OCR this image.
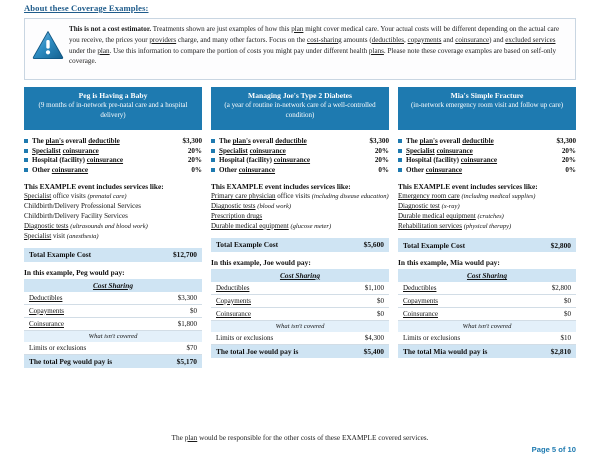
About these Coverage Examples:
This is not a cost estimator. Treatments shown are just examples of how this plan might cover medical care. Your actual costs will be different depending on the actual care you receive, the prices your providers charge, and many other factors. Focus on the cost-sharing amounts (deductibles, copayments and coinsurance) and excluded services under the plan. Use this information to compare the portion of costs you might pay under different health plans. Please note these coverage examples are based on self-only coverage.
Peg is Having a Baby
(9 months of in-network pre-natal care and a hospital delivery)
The plan's overall deductible	$3,300
Specialist coinsurance	20%
Hospital (facility) coinsurance	20%
Other coinsurance	0%
This EXAMPLE event includes services like:
Specialist office visits (prenatal care)
Childbirth/Delivery Professional Services
Childbirth/Delivery Facility Services
Diagnostic tests (ultrasounds and blood work)
Specialist visit (anesthesia)
Total Example Cost	$12,700
In this example, Peg would pay:
Cost Sharing	
Deductibles	$3,300
Copayments	$0
Coinsurance	$1,800
What isn't covered	
Limits or exclusions	$70
The total Peg would pay is	$5,170
Managing Joe's Type 2 Diabetes
(a year of routine in-network care of a well-controlled condition)
The plan's overall deductible	$3,300
Specialist coinsurance	20%
Hospital (facility) coinsurance	20%
Other coinsurance	0%
This EXAMPLE event includes services like:
Primary care physician office visits (including disease education)
Diagnostic tests (blood work)
Prescription drugs
Durable medical equipment (glucose meter)
Total Example Cost	$5,600
In this example, Joe would pay:
Cost Sharing	
Deductibles	$1,100
Copayments	$0
Coinsurance	$0
What isn't covered	
Limits or exclusions	$4,300
The total Joe would pay is	$5,400
Mia's Simple Fracture
(in-network emergency room visit and follow up care)
The plan's overall deductible	$3,300
Specialist coinsurance	20%
Hospital (facility) coinsurance	20%
Other coinsurance	0%
This EXAMPLE event includes services like:
Emergency room care (including medical supplies)
Diagnostic test (x-ray)
Durable medical equipment (crutches)
Rehabilitation services (physical therapy)
Total Example Cost	$2,800
In this example, Mia would pay:
Cost Sharing	
Deductibles	$2,800
Copayments	$0
Coinsurance	$0
What isn't covered	
Limits or exclusions	$10
The total Mia would pay is	$2,810
The plan would be responsible for the other costs of these EXAMPLE covered services.
Page 5 of 10
